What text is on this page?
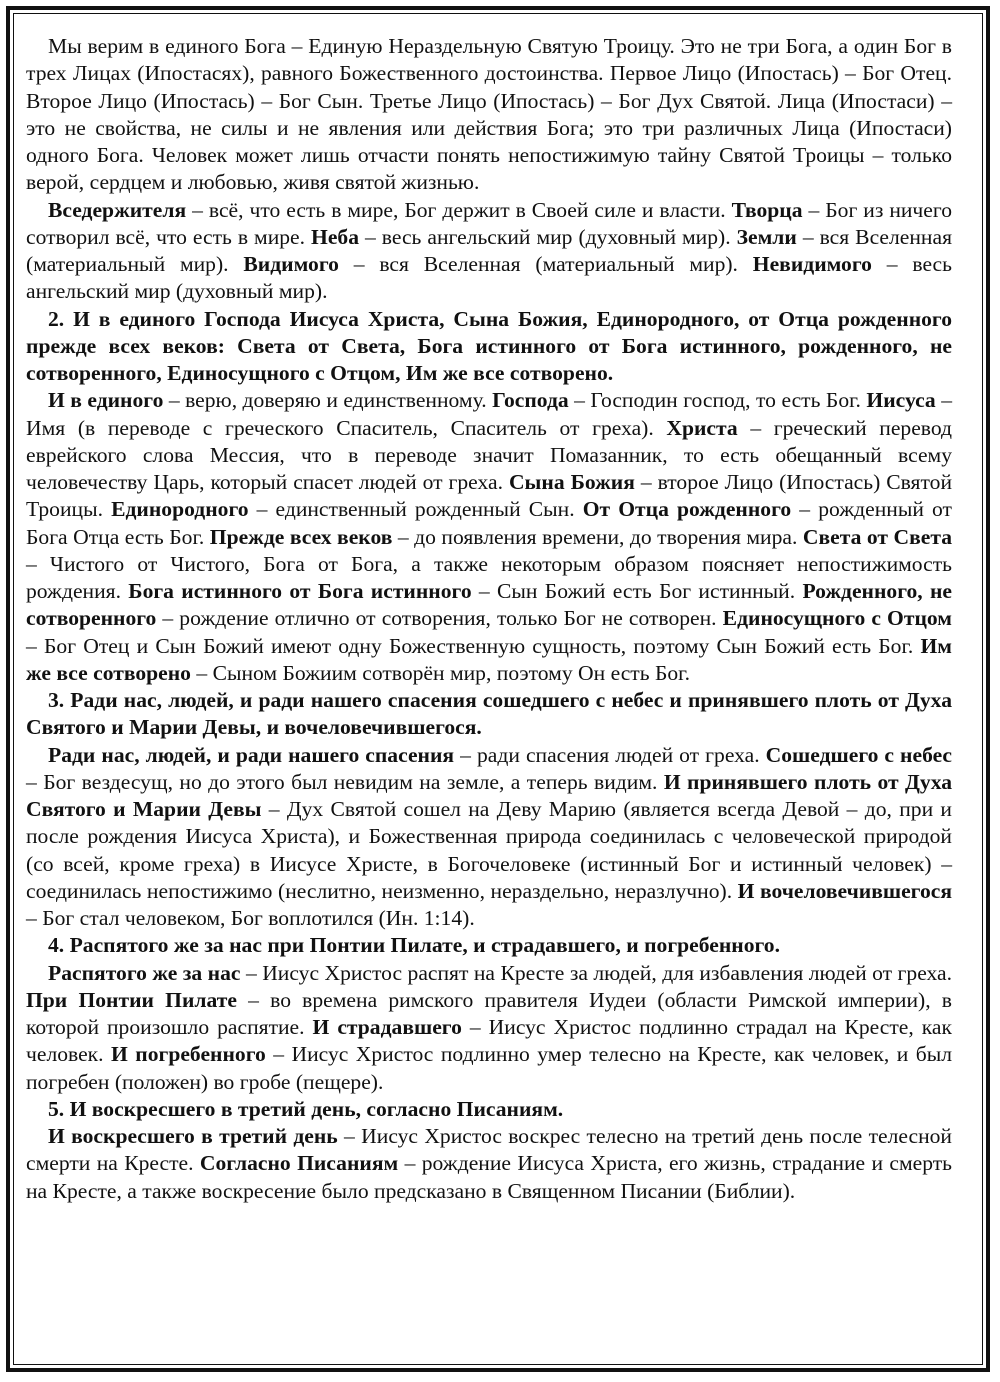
Мы верим в единого Бога – Единую Нераздельную Святую Троицу. Это не три Бога, а один Бог в трех Лицах (Ипостасях), равного Божественного достоинства. Первое Лицо (Ипостась) – Бог Отец. Второе Лицо (Ипостась) – Бог Сын. Третье Лицо (Ипостась) – Бог Дух Святой. Лица (Ипостаси) – это не свойства, не силы и не явления или действия Бога; это три различных Лица (Ипостаси) одного Бога. Человек может лишь отчасти понять непостижимую тайну Святой Троицы – только верой, сердцем и любовью, живя святой жизнью.

Вседержителя – всё, что есть в мире, Бог держит в Своей силе и власти. Творца – Бог из ничего сотворил всё, что есть в мире. Неба – весь ангельский мир (духовный мир). Земли – вся Вселенная (материальный мир). Видимого – вся Вселенная (материальный мир). Невидимого – весь ангельский мир (духовный мир).

2. И в единого Господа Иисуса Христа, Сына Божия, Единородного, от Отца рожденного прежде всех веков: Света от Света, Бога истинного от Бога истинного, рожденного, не сотворенного, Единосущного с Отцом, Им же все сотворено.

И в единого – верю, доверяю и единственному. Господа – Господин господ, то есть Бог. Иисуса – Имя (в переводе с греческого Спаситель, Спаситель от греха). Христа – греческий перевод еврейского слова Мессия, что в переводе значит Помазанник, то есть обещанный всему человечеству Царь, который спасет людей от греха. Сына Божия – второе Лицо (Ипостась) Святой Троицы. Единородного – единственный рожденный Сын. От Отца рожденного – рожденный от Бога Отца есть Бог. Прежде всех веков – до появления времени, до творения мира. Света от Света – Чистого от Чистого, Бога от Бога, а также некоторым образом поясняет непостижимость рождения. Бога истинного от Бога истинного – Сын Божий есть Бог истинный. Рожденного, не сотворенного – рождение отлично от сотворения, только Бог не сотворен. Единосущного с Отцом – Бог Отец и Сын Божий имеют одну Божественную сущность, поэтому Сын Божий есть Бог. Им же все сотворено – Сыном Божиим сотворён мир, поэтому Он есть Бог.

3. Ради нас, людей, и ради нашего спасения сошедшего с небес и принявшего плоть от Духа Святого и Марии Девы, и вочеловечившегося.

Ради нас, людей, и ради нашего спасения – ради спасения людей от греха. Сошедшего с небес – Бог вездесущ, но до этого был невидим на земле, а теперь видим. И принявшего плоть от Духа Святого и Марии Девы – Дух Святой сошел на Деву Марию (является всегда Девой – до, при и после рождения Иисуса Христа), и Божественная природа соединилась с человеческой природой (со всей, кроме греха) в Иисусе Христе, в Богочеловеке (истинный Бог и истинный человек) – соединилась непостижимо (неслитно, неизменно, нераздельно, неразлучно). И вочеловечившегося – Бог стал человеком, Бог воплотился (Ин. 1:14).

4. Распятого же за нас при Понтии Пилате, и страдавшего, и погребенного.

Распятого же за нас – Иисус Христос распят на Кресте за людей, для избавления людей от греха. При Понтии Пилате – во времена римского правителя Иудеи (области Римской империи), в которой произошло распятие. И страдавшего – Иисус Христос подлинно страдал на Кресте, как человек. И погребенного – Иисус Христос подлинно умер телесно на Кресте, как человек, и был погребен (положен) во гробе (пещере).

5. И воскресшего в третий день, согласно Писаниям.

И воскресшего в третий день – Иисус Христос воскрес телесно на третий день после телесной смерти на Кресте. Согласно Писаниям – рождение Иисуса Христа, его жизнь, страдание и смерть на Кресте, а также воскресение было предсказано в Священном Писании (Библии).
